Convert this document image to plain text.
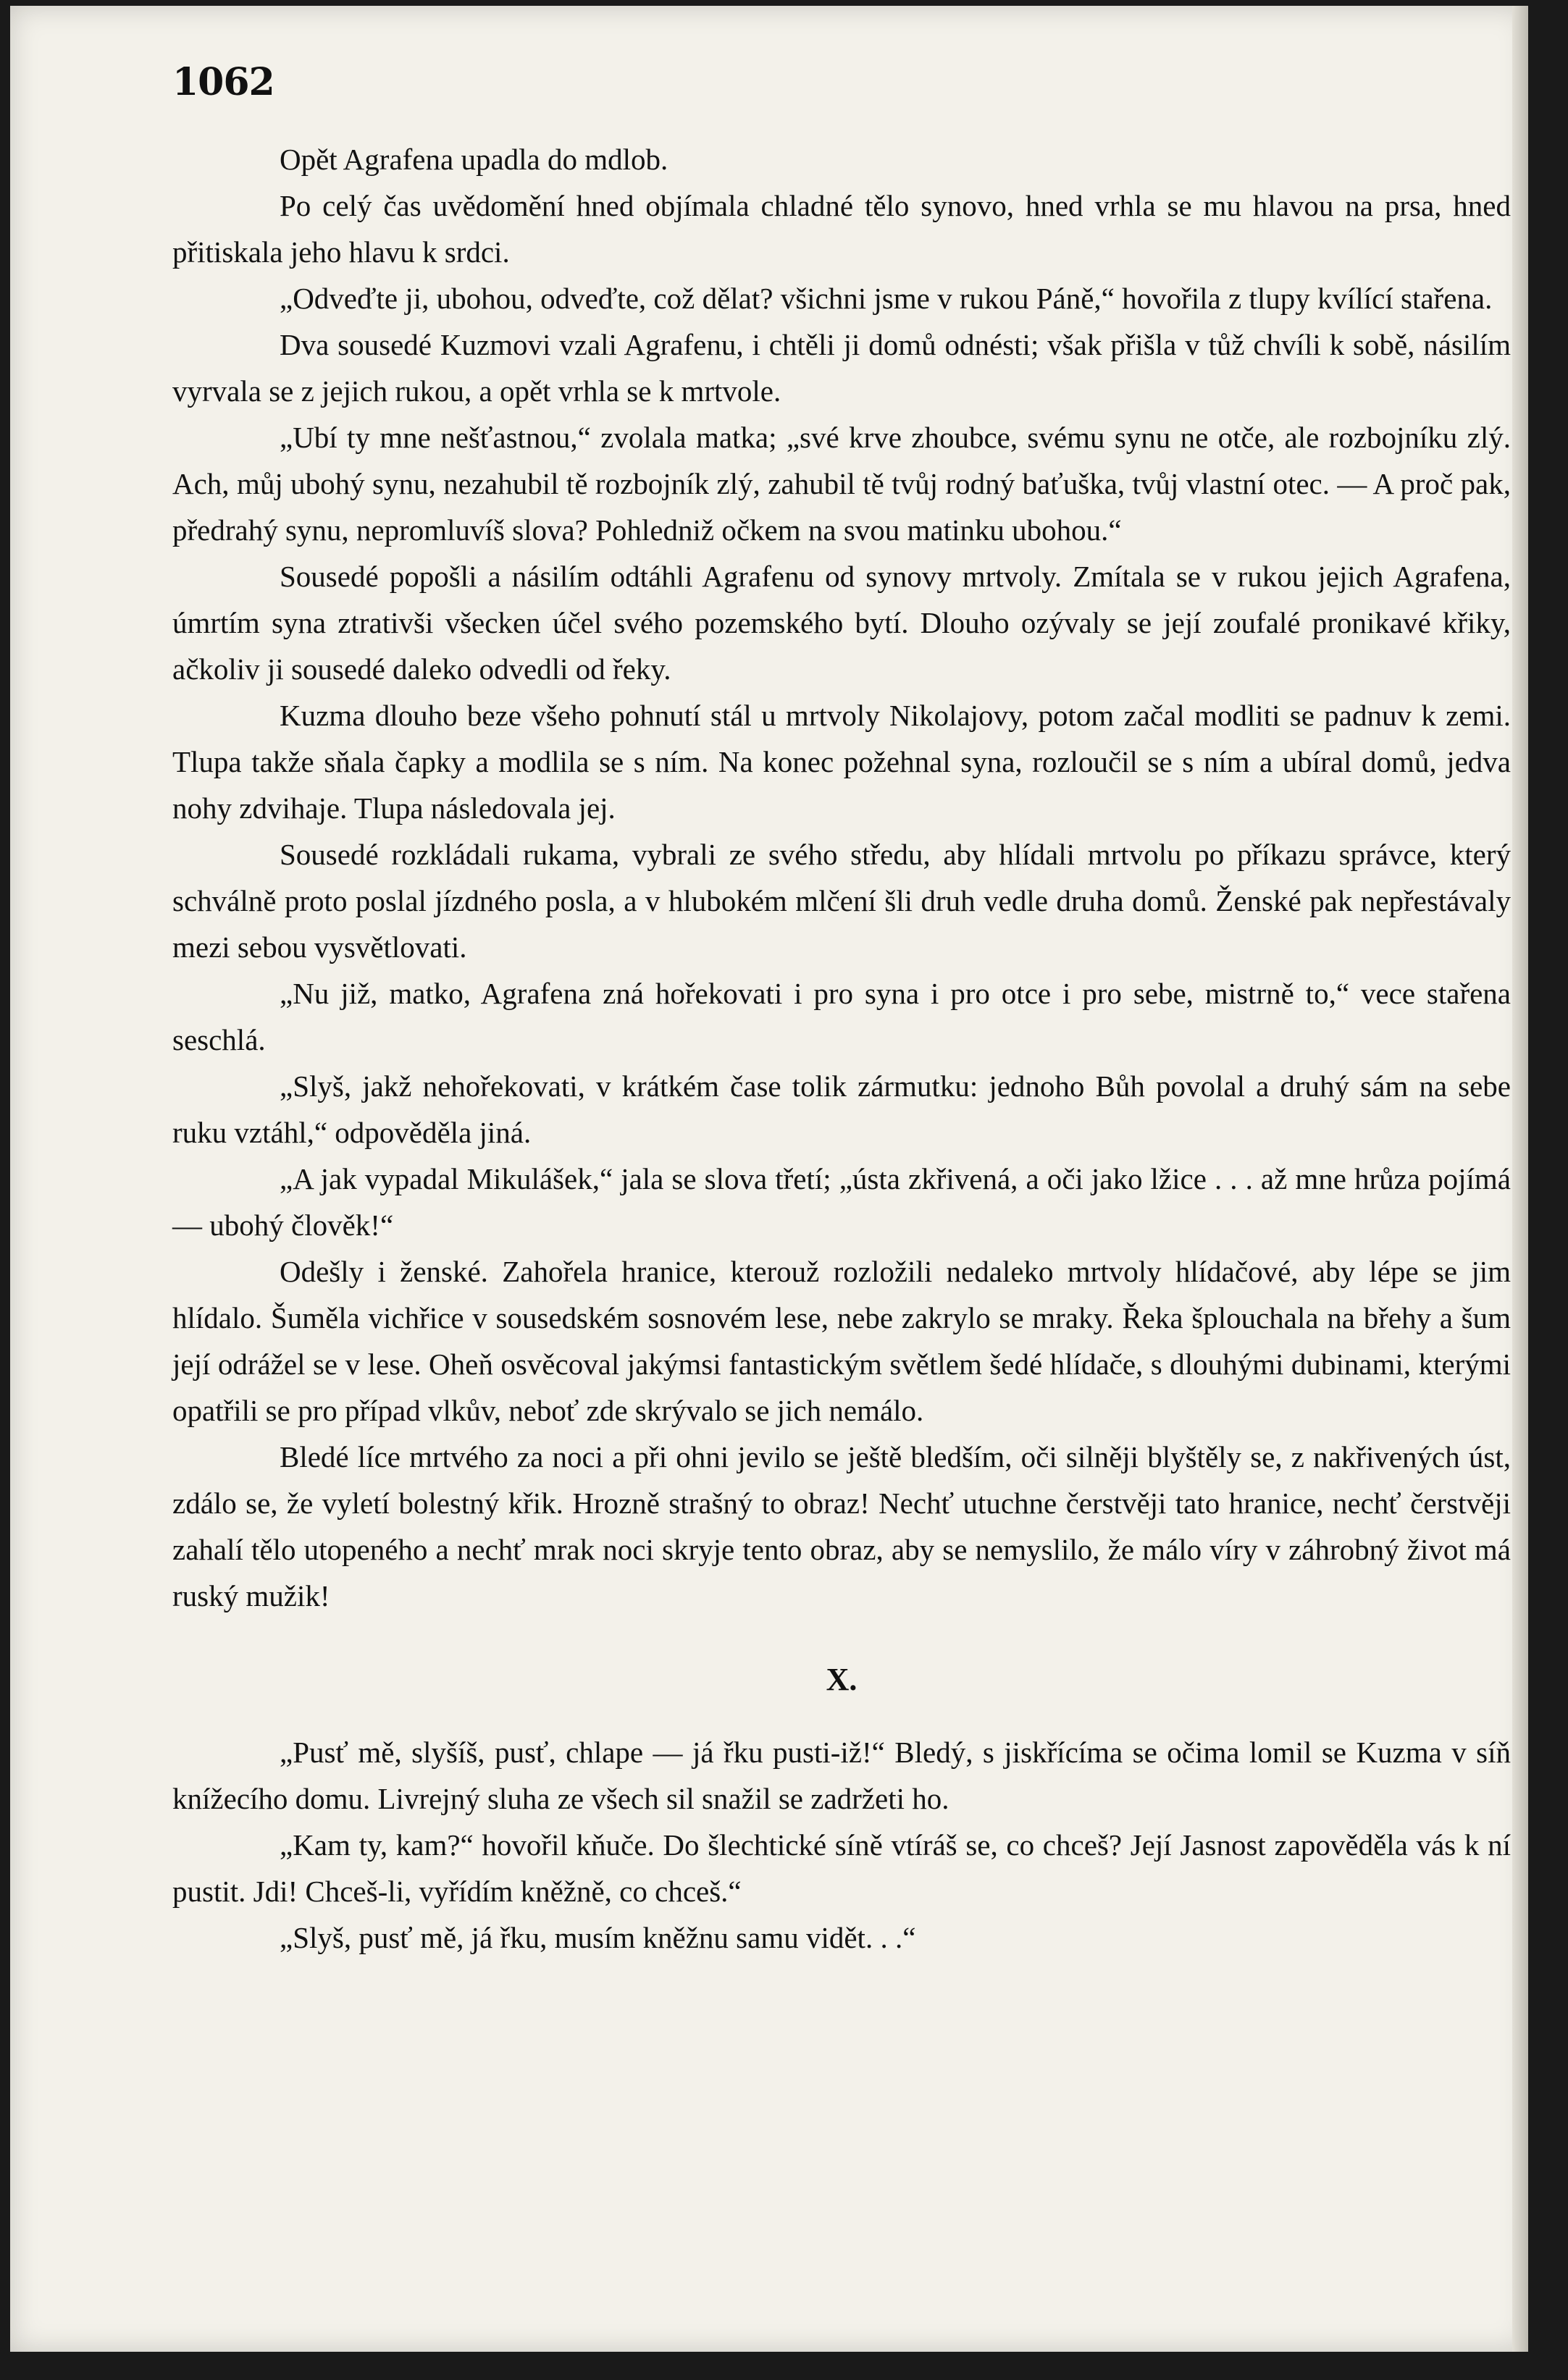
1062

Opět Agrafena upadla do mdlob.

Po celý čas uvědomění hned objímala chladné tělo synovo, hned vrhla se mu hlavou na prsa, hned přitiskala jeho hlavu k srdci.

„Odveďte ji, ubohou, odveďte, což dělat? všichni jsme v rukou Páně,“ hovořila z tlupy kvílící stařena.

Dva sousedé Kuzmovi vzali Agrafenu, i chtěli ji domů odnésti; však přišla v tůž chvíli k sobě, násilím vyrvala se z jejich rukou, a opět vrhla se k mrtvole.

„Ubí ty mne nešťastnou,“ zvolala matka; „své krve zhoubce, svému synu ne otče, ale rozbojníku zlý. Ach, můj ubohý synu, nezahubil tě rozbojník zlý, zahubil tě tvůj rodný baťuška, tvůj vlastní otec. — A proč pak, předrahý synu, nepromluvíš slova? Pohledniž očkem na svou matinku ubohou.“

Sousedé popošli a násilím odtáhli Agrafenu od synovy mrtvoly. Zmítala se v rukou jejich Agrafena, úmrtím syna ztrativši všecken účel svého pozemského bytí. Dlouho ozývaly se její zoufalé pronikavé křiky, ačkoliv ji sousedé daleko odvedli od řeky.

Kuzma dlouho beze všeho pohnutí stál u mrtvoly Nikolajovy, potom začal modliti se padnuv k zemi. Tlupa takže sňala čapky a modlila se s ním. Na konec požehnal syna, rozloučil se s ním a ubíral domů, jedva nohy zdvihaje. Tlupa následovala jej.

Sousedé rozkládali rukama, vybrali ze svého středu, aby hlídali mrtvolu po příkazu správce, který schválně proto poslal jízdného posla, a v hlubokém mlčení šli druh vedle druha domů. Ženské pak nepřestávaly mezi sebou vysvětlovati.

„Nu již, matko, Agrafena zná hořekovati i pro syna i pro otce i pro sebe, mistrně to,“ vece stařena seschlá.

„Slyš, jakž nehořekovati, v krátkém čase tolik zármutku: jednoho Bůh povolal a druhý sám na sebe ruku vztáhl,“ odpověděla jiná.

„A jak vypadal Mikulášek,“ jala se slova třetí; „ústa zkřivená, a oči jako lžice . . . až mne hrůza pojímá — ubohý člověk!“

Odešly i ženské. Zahořela hranice, kterouž rozložili nedaleko mrtvoly hlídačové, aby lépe se jim hlídalo. Šuměla vichřice v sousedském sosnovém lese, nebe zakrylo se mraky. Řeka šplouchala na břehy a šum její odrážel se v lese. Oheň osvěcoval jakýmsi fantastickým světlem šedé hlídače, s dlouhými dubinami, kterými opatřili se pro případ vlkův, neboť zde skrývalo se jich nemálo.

Bledé líce mrtvého za noci a při ohni jevilo se ještě bledším, oči silněji blyštěly se, z nakřivených úst, zdálo se, že vyletí bolestný křik. Hrozně strašný to obraz! Nechť utuchne čerstvěji tato hranice, nechť čerstvěji zahalí tělo utopeného a nechť mrak noci skryje tento obraz, aby se nemyslilo, že málo víry v záhrobný život má ruský mužik!

X.

„Pusť mě, slyšíš, pusť, chlape — já řku pusti-iž!“ Bledý, s jiskřícíma se očima lomil se Kuzma v síň knížecího domu. Livrejný sluha ze všech sil snažil se zadržeti ho.

„Kam ty, kam?“ hovořil kňuče. Do šlechtické síně vtíráš se, co chceš? Její Jasnost zapověděla vás k ní pustit. Jdi! Chceš-li, vyřídím kněžně, co chceš.“

„Slyš, pusť mě, já řku, musím kněžnu samu vidět. . .“
